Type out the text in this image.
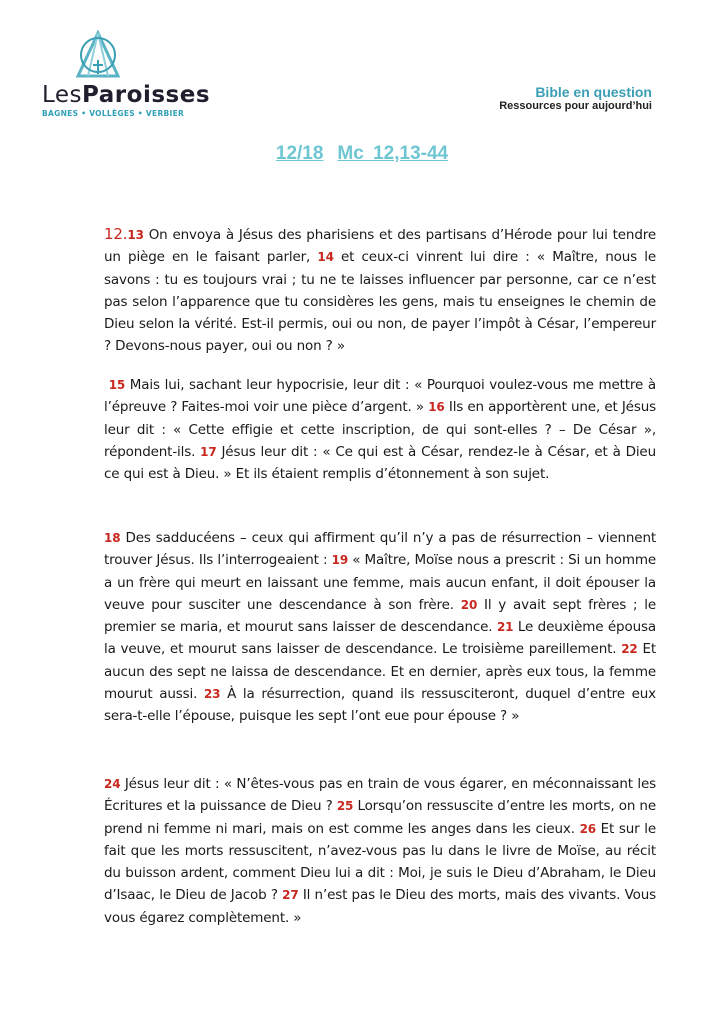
LesParoisses
BAGNES • VOLLÈGES • VERBIER
Bible en question
Ressources pour aujourd’hui
12/18 Mc 12,13-44
12.13 On envoya à Jésus des pharisiens et des partisans d’Hérode pour lui tendre un piège en le faisant parler, 14 et ceux-ci vinrent lui dire : « Maître, nous le savons : tu es toujours vrai ; tu ne te laisses influencer par personne, car ce n’est pas selon l’apparence que tu considères les gens, mais tu enseignes le chemin de Dieu selon la vérité. Est-il permis, oui ou non, de payer l’impôt à César, l’empereur ? Devons-nous payer, oui ou non ? »
15 Mais lui, sachant leur hypocrisie, leur dit : « Pourquoi voulez-vous me mettre à l’épreuve ? Faites-moi voir une pièce d’argent. » 16 Ils en apportèrent une, et Jésus leur dit : « Cette effigie et cette inscription, de qui sont-elles ? – De César », répondent-ils. 17 Jésus leur dit : « Ce qui est à César, rendez-le à César, et à Dieu ce qui est à Dieu. » Et ils étaient remplis d’étonnement à son sujet.
18 Des sadducéens – ceux qui affirment qu’il n’y a pas de résurrection – viennent trouver Jésus. Ils l’interrogeaient : 19 « Maître, Moïse nous a prescrit : Si un homme a un frère qui meurt en laissant une femme, mais aucun enfant, il doit épouser la veuve pour susciter une descendance à son frère. 20 Il y avait sept frères ; le premier se maria, et mourut sans laisser de descendance. 21 Le deuxième épousa la veuve, et mourut sans laisser de descendance. Le troisième pareillement. 22 Et aucun des sept ne laissa de descendance. Et en dernier, après eux tous, la femme mourut aussi. 23 À la résurrection, quand ils ressusciteront, duquel d’entre eux sera-t-elle l’épouse, puisque les sept l’ont eue pour épouse ? »
24 Jésus leur dit : « N’êtes-vous pas en train de vous égarer, en méconnaissant les Écritures et la puissance de Dieu ? 25 Lorsqu’on ressuscite d’entre les morts, on ne prend ni femme ni mari, mais on est comme les anges dans les cieux. 26 Et sur le fait que les morts ressuscitent, n’avez-vous pas lu dans le livre de Moïse, au récit du buisson ardent, comment Dieu lui a dit : Moi, je suis le Dieu d’Abraham, le Dieu d’Isaac, le Dieu de Jacob ? 27 Il n’est pas le Dieu des morts, mais des vivants. Vous vous égarez complètement. »
